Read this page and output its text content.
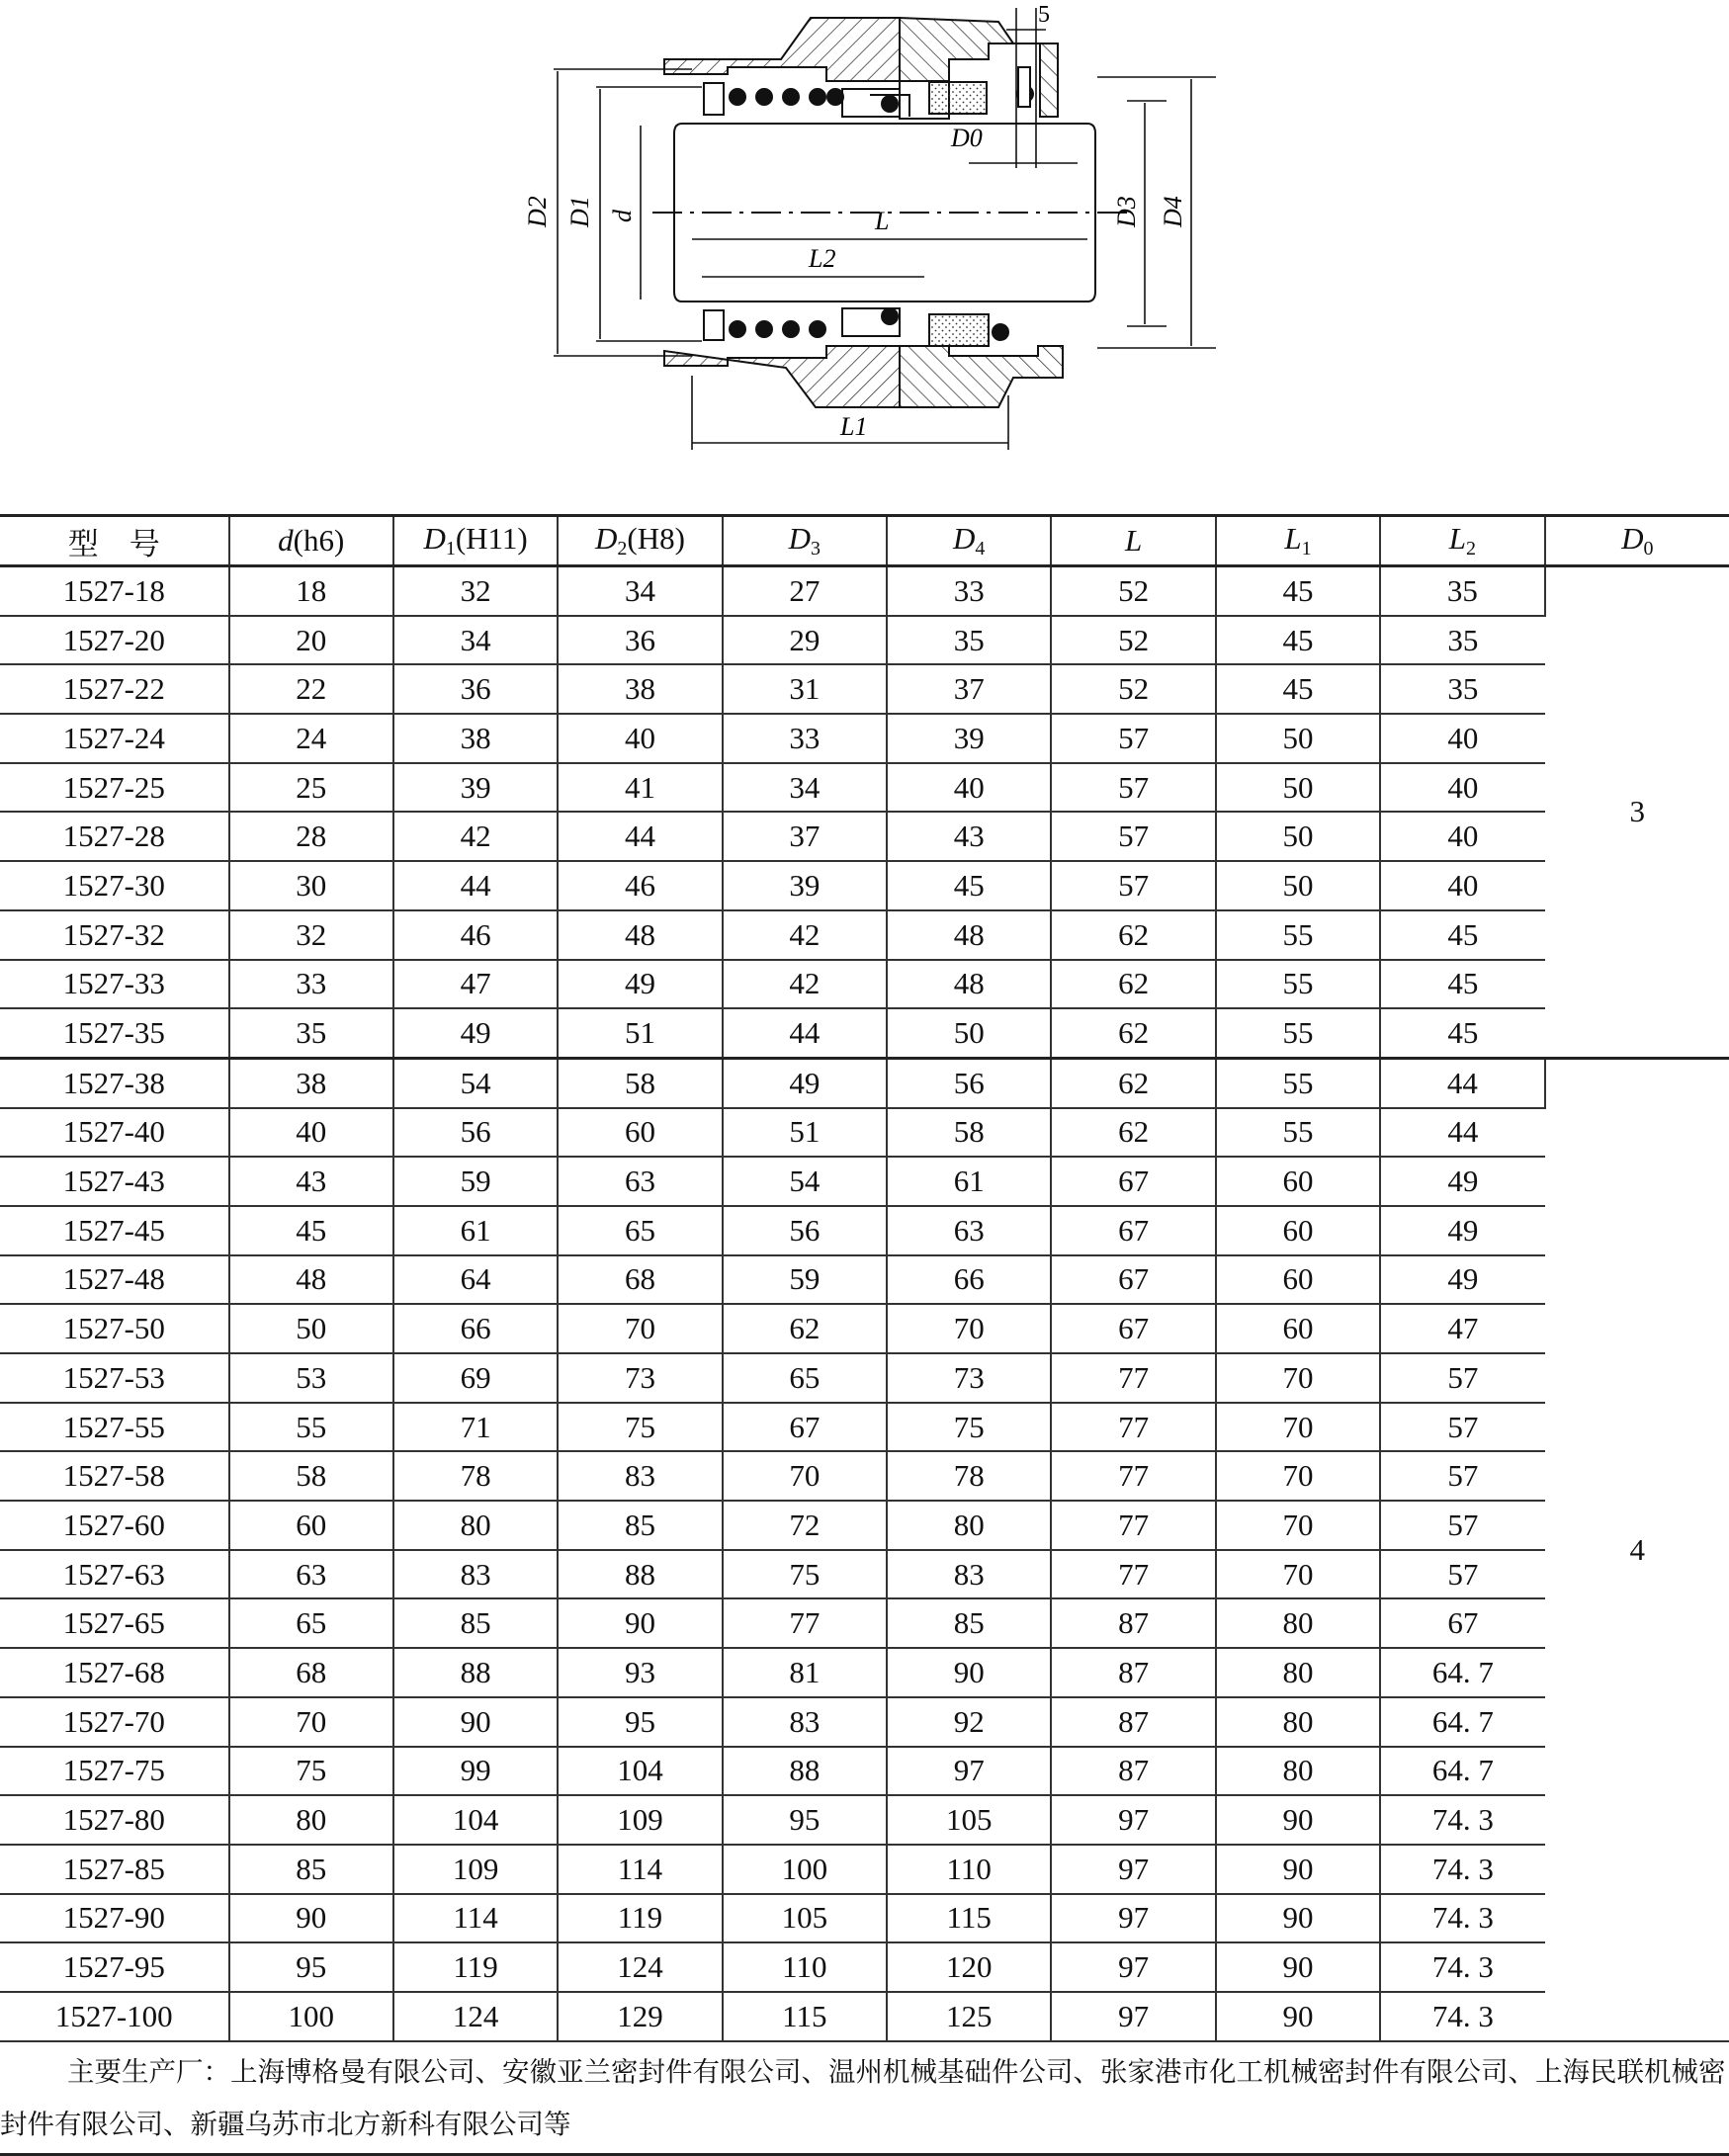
5
D0
L
L2
L1
D2 D1 d	D3 D4
型　号	d(h6)	D1(H11)	D2(H8)	D3	D4	L	L1	L2	D0
1527-18	18	32	34	27	33	52	45	35	3
1527-20	20	34	36	29	35	52	45	35	
1527-22	22	36	38	31	37	52	45	35	
1527-24	24	38	40	33	39	57	50	40	
1527-25	25	39	41	34	40	57	50	40	
1527-28	28	42	44	37	43	57	50	40	
1527-30	30	44	46	39	45	57	50	40	
1527-32	32	46	48	42	48	62	55	45	
1527-33	33	47	49	42	48	62	55	45	
1527-35	35	49	51	44	50	62	55	45	
1527-38	38	54	58	49	56	62	55	44	4
1527-40	40	56	60	51	58	62	55	44	
1527-43	43	59	63	54	61	67	60	49	
1527-45	45	61	65	56	63	67	60	49	
1527-48	48	64	68	59	66	67	60	49	
1527-50	50	66	70	62	70	67	60	47	
1527-53	53	69	73	65	73	77	70	57	
1527-55	55	71	75	67	75	77	70	57	
1527-58	58	78	83	70	78	77	70	57	
1527-60	60	80	85	72	80	77	70	57	
1527-63	63	83	88	75	83	77	70	57	
1527-65	65	85	90	77	85	87	80	67	
1527-68	68	88	93	81	90	87	80	64. 7	
1527-70	70	90	95	83	92	87	80	64. 7	
1527-75	75	99	104	88	97	87	80	64. 7	
1527-80	80	104	109	95	105	97	90	74. 3	
1527-85	85	109	114	100	110	97	90	74. 3	
1527-90	90	114	119	105	115	97	90	74. 3	
1527-95	95	119	124	110	120	97	90	74. 3	
1527-100	100	124	129	115	125	97	90	74. 3	
主要生产厂：上海博格曼有限公司、安徽亚兰密封件有限公司、温州机械基础件公司、张家港市化工机械密封件有限公司、上海民联机械密封件有限公司、新疆乌苏市北方新科有限公司等
